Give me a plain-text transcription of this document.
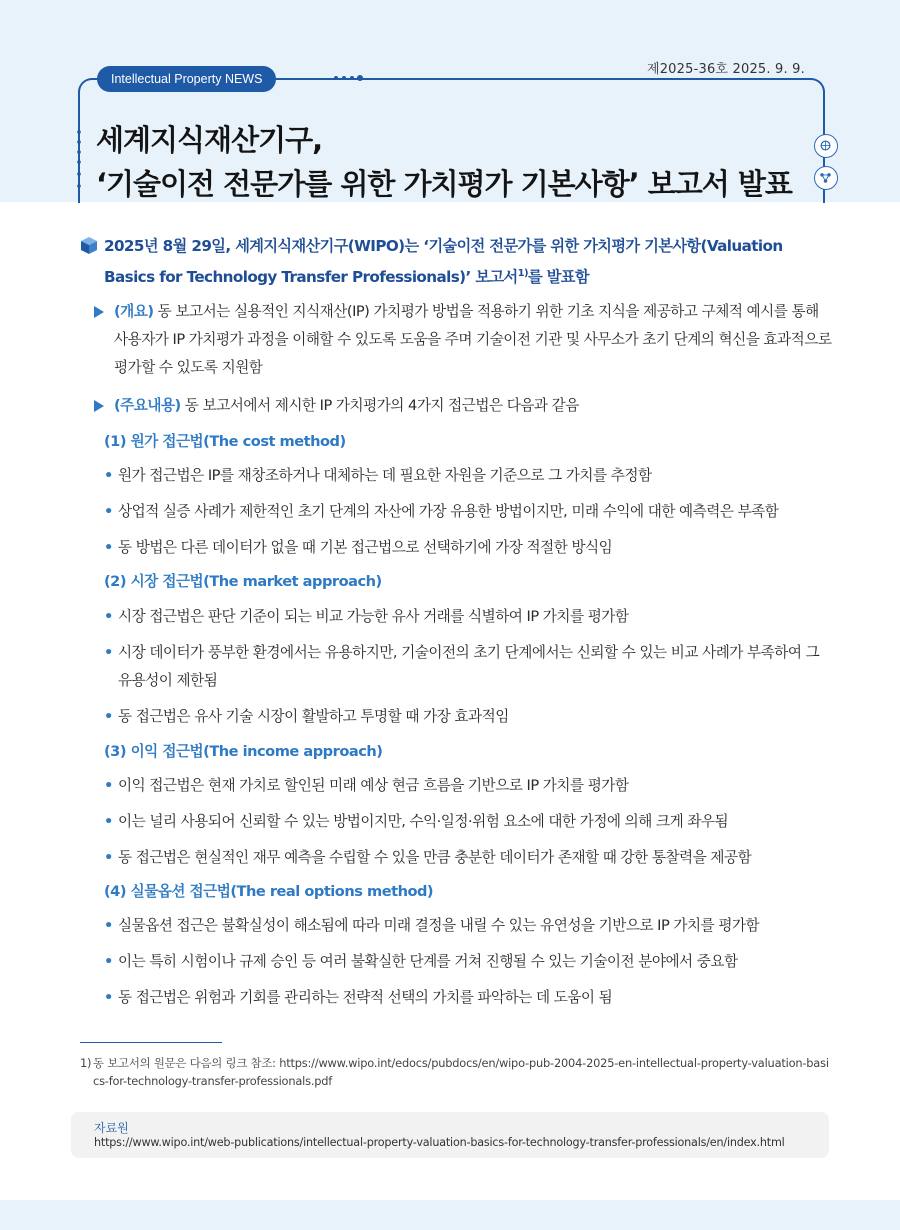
Intellectual Property NEWS
제2025-36호 2025. 9. 9.
세계지식재산기구,
‘기술이전 전문가를 위한 가치평가 기본사항’ 보고서 발표
2025년 8월 29일, 세계지식재산기구(WIPO)는 ‘기술이전 전문가를 위한 가치평가 기본사항(Valuation Basics for Technology Transfer Professionals)’ 보고서$^{1)}$를 발표함
(개요) 동 보고서는 실용적인 지식재산(IP) 가치평가 방법을 적용하기 위한 기초 지식을 제공하고 구체적 예시를 통해 사용자가 IP 가치평가 과정을 이해할 수 있도록 도움을 주며 기술이전 기관 및 사무소가 초기 단계의 혁신을 효과적으로 평가할 수 있도록 지원함
(주요내용) 동 보고서에서 제시한 IP 가치평가의 4가지 접근법은 다음과 같음
(1) 원가 접근법(The cost method)
• 원가 접근법은 IP를 재창조하거나 대체하는 데 필요한 자원을 기준으로 그 가치를 추정함
• 상업적 실증 사례가 제한적인 초기 단계의 자산에 가장 유용한 방법이지만, 미래 수익에 대한 예측력은 부족함
• 동 방법은 다른 데이터가 없을 때 기본 접근법으로 선택하기에 가장 적절한 방식임
(2) 시장 접근법(The market approach)
• 시장 접근법은 판단 기준이 되는 비교 가능한 유사 거래를 식별하여 IP 가치를 평가함
• 시장 데이터가 풍부한 환경에서는 유용하지만, 기술이전의 초기 단계에서는 신뢰할 수 있는 비교 사례가 부족하여 그 유용성이 제한됨
• 동 접근법은 유사 기술 시장이 활발하고 투명할 때 가장 효과적임
(3) 이익 접근법(The income approach)
• 이익 접근법은 현재 가치로 할인된 미래 예상 현금 흐름을 기반으로 IP 가치를 평가함
• 이는 널리 사용되어 신뢰할 수 있는 방법이지만, 수익·일정·위험 요소에 대한 가정에 의해 크게 좌우됨
• 동 접근법은 현실적인 재무 예측을 수립할 수 있을 만큼 충분한 데이터가 존재할 때 강한 통찰력을 제공함
(4) 실물옵션 접근법(The real options method)
• 실물옵션 접근은 불확실성이 해소됨에 따라 미래 결정을 내릴 수 있는 유연성을 기반으로 IP 가치를 평가함
• 이는 특히 시험이나 규제 승인 등 여러 불확실한 단계를 거쳐 진행될 수 있는 기술이전 분야에서 중요함
• 동 접근법은 위험과 기회를 관리하는 전략적 선택의 가치를 파악하는 데 도움이 됨
1) 동 보고서의 원문은 다음의 링크 참조: https://www.wipo.int/edocs/pubdocs/en/wipo-pub-2004-2025-en-intellectual-property-valuation-basics-for-technology-transfer-professionals.pdf
자료원
https://www.wipo.int/web-publications/intellectual-property-valuation-basics-for-technology-transfer-professionals/en/index.html
